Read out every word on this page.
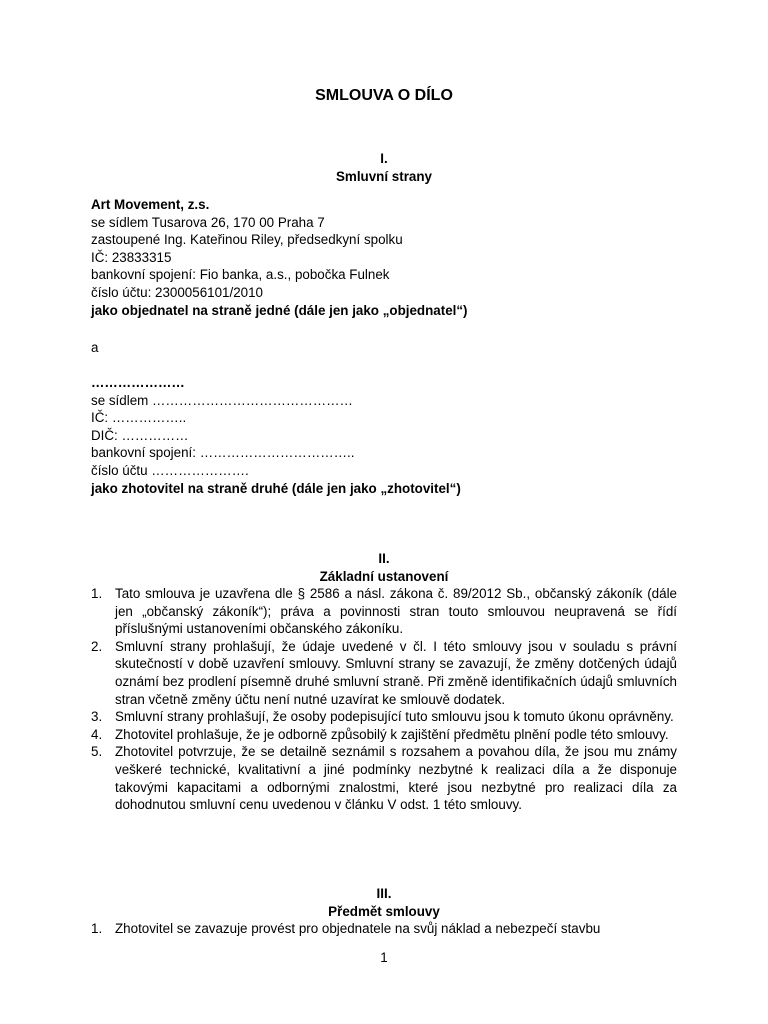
SMLOUVA O DÍLO
I.
Smluvní strany
Art Movement, z.s.
se sídlem Tusarova 26, 170 00 Praha 7
zastoupené Ing. Kateřinou Riley, předsedkyní spolku
IČ: 23833315
bankovní spojení: Fio banka, a.s., pobočka Fulnek
číslo účtu: 2300056101/2010
jako objednatel na straně jedné (dále jen jako „objednatel“)
a
…………………
se sídlem ………………………………………
IČ: ……………..
DIČ: ……………
bankovní spojení: ……………………………..
číslo účtu ………………….
jako zhotovitel na straně druhé (dále jen jako „zhotovitel“)
II.
Základní ustanovení
1. Tato smlouva je uzavřena dle § 2586 a násl. zákona č. 89/2012 Sb., občanský zákoník (dále jen „občanský zákoník“); práva a povinnosti stran touto smlouvou neupravená se řídí příslušnými ustanoveními občanského zákoníku.
2. Smluvní strany prohlašují, že údaje uvedené v čl. I této smlouvy jsou v souladu s právní skutečností v době uzavření smlouvy. Smluvní strany se zavazují, že změny dotčených údajů oznámí bez prodlení písemně druhé smluvní straně. Při změně identifikačních údajů smluvních stran včetně změny účtu není nutné uzavírat ke smlouvě dodatek.
3. Smluvní strany prohlašují, že osoby podepisující tuto smlouvu jsou k tomuto úkonu oprávněny.
4. Zhotovitel prohlašuje, že je odborně způsobilý k zajištění předmětu plnění podle této smlouvy.
5. Zhotovitel potvrzuje, že se detailně seznámil s rozsahem a povahou díla, že jsou mu známy veškeré technické, kvalitativní a jiné podmínky nezbytné k realizaci díla a že disponuje takovými kapacitami a odbornými znalostmi, které jsou nezbytné pro realizaci díla za dohodnutou smluvní cenu uvedenou v článku V odst. 1 této smlouvy.
III.
Předmět smlouvy
1. Zhotovitel se zavazuje provést pro objednatele na svůj náklad a nebezpečí stavbu
1
